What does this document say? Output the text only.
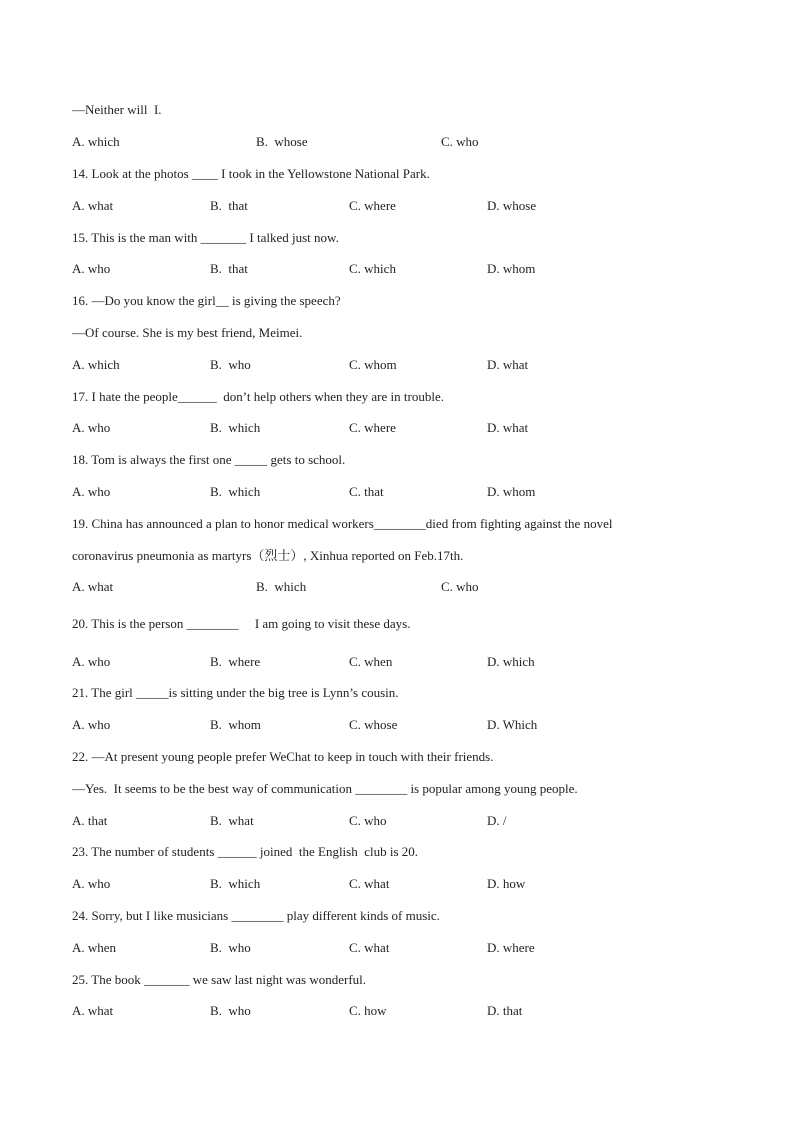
—Neither will  I.
A. which	B.  whose	C. who
14. Look at the photos ____ I took in the Yellowstone National Park.
A. what	B.  that	C. where	D. whose
15. This is the man with _______ I talked just now.
A. who	B.  that	C. which	D. whom
16. —Do you know the girl__ is giving the speech?
—Of course. She is my best friend, Meimei.
A. which	B.  who	C. whom	D. what
17. I hate the people______  don’t help others when they are in trouble.
A. who	B.  which	C. where	D. what
18. Tom is always the first one _____ gets to school.
A. who	B.  which	C. that	D. whom
19. China has announced a plan to honor medical workers________died from fighting against the novel
coronavirus pneumonia as martyrs（烈士）, Xinhua reported on Feb.17th.
A. what	B.  which	C. who
20. This is the person ________     I am going to visit these days.
A. who	B.  where	C. when	D. which
21. The girl _____is sitting under the big tree is Lynn’s cousin.
A. who	B.  whom	C. whose	D. Which
22. —At present young people prefer WeChat to keep in touch with their friends.
—Yes.  It seems to be the best way of communication ________ is popular among young people.
A. that	B.  what	C. who	D. /
23. The number of students ______ joined  the English  club is 20.
A. who	B.  which	C. what	D. how
24. Sorry, but I like musicians ________ play different kinds of music.
A. when	B.  who	C. what	D. where
25. The book _______ we saw last night was wonderful.
A. what	B.  who	C. how	D. that
